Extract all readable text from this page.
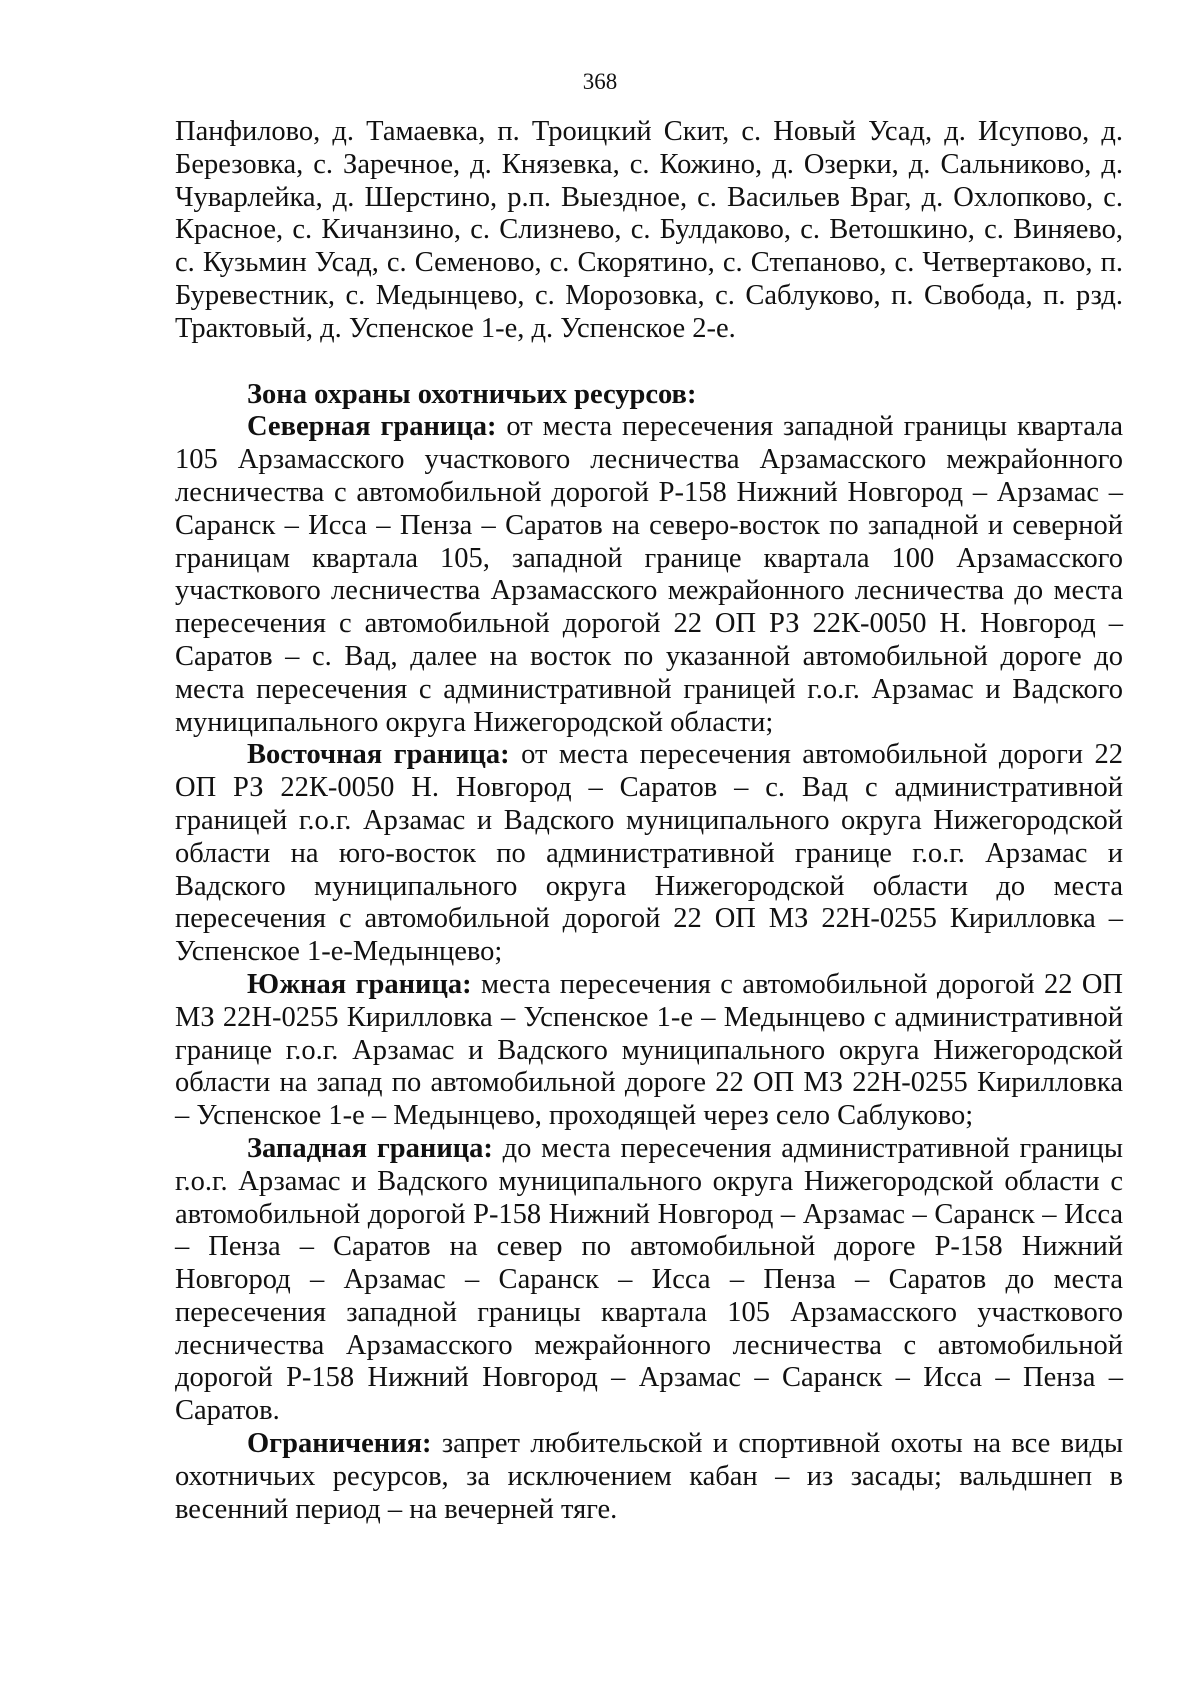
368

Панфилово, д. Тамаевка, п. Троицкий Скит, с. Новый Усад, д. Исупово, д. Березовка, с. Заречное, д. Князевка, с. Кожино, д. Озерки, д. Сальниково, д. Чуварлейка, д. Шерстино, р.п. Выездное, с. Васильев Враг, д. Охлопково, с. Красное, с. Кичанзино, с. Слизнево, с. Булдаково, с. Ветошкино, с. Виняево, с. Кузьмин Усад, с. Семеново, с. Скорятино, с. Степаново, с. Четвертаково, п. Буревестник, с. Медынцево, с. Морозовка, с. Саблуково, п. Свобода, п. рзд. Трактовый, д. Успенское 1-е, д. Успенское 2-е.

Зона охраны охотничьих ресурсов:

Северная граница: от места пересечения западной границы квартала 105 Арзамасского участкового лесничества Арзамасского межрайонного лесничества с автомобильной дорогой Р-158 Нижний Новгород – Арзамас – Саранск – Исса – Пенза – Саратов на северо-восток по западной и северной границам квартала 105, западной границе квартала 100 Арзамасского участкового лесничества Арзамасского межрайонного лесничества до места пересечения с автомобильной дорогой 22 ОП РЗ 22К-0050 Н. Новгород – Саратов – с. Вад, далее на восток по указанной автомобильной дороге до места пересечения с административной границей г.о.г. Арзамас и Вадского муниципального округа Нижегородской области;

Восточная граница: от места пересечения автомобильной дороги 22 ОП РЗ 22К-0050 Н. Новгород – Саратов – с. Вад с административной границей г.о.г. Арзамас и Вадского муниципального округа Нижегородской области на юго-восток по административной границе г.о.г. Арзамас и Вадского муниципального округа Нижегородской области до места пересечения с автомобильной дорогой 22 ОП МЗ 22Н-0255 Кирилловка – Успенское 1-е-Медынцево;

Южная граница: места пересечения с автомобильной дорогой 22 ОП МЗ 22Н-0255 Кирилловка – Успенское 1-е – Медынцево с административной границе г.о.г. Арзамас и Вадского муниципального округа Нижегородской области на запад по автомобильной дороге 22 ОП МЗ 22Н-0255 Кирилловка – Успенское 1-е – Медынцево, проходящей через село Саблуково;

Западная граница: до места пересечения административной границы г.о.г. Арзамас и Вадского муниципального округа Нижегородской области с автомобильной дорогой Р-158 Нижний Новгород – Арзамас – Саранск – Исса – Пенза – Саратов на север по автомобильной дороге Р-158 Нижний Новгород – Арзамас – Саранск – Исса – Пенза – Саратов до места пересечения западной границы квартала 105 Арзамасского участкового лесничества Арзамасского межрайонного лесничества с автомобильной дорогой Р-158 Нижний Новгород – Арзамас – Саранск – Исса – Пенза – Саратов.

Ограничения: запрет любительской и спортивной охоты на все виды охотничьих ресурсов, за исключением кабан – из засады; вальдшнеп в весенний период – на вечерней тяге.
